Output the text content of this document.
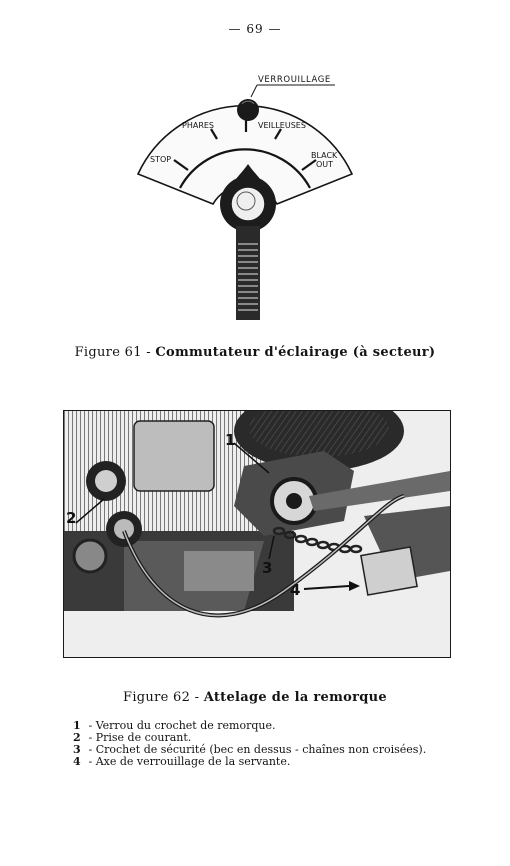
— 69 —
VERROUILLAGE
PHARES	VEILLEUSES
STOP	BLACK
OUT
Figure 61 - Commutateur d'éclairage (à secteur)
1
2
3
4
Figure 62 - Attelage de la remorque
1 - Verrou du crochet de remorque.
2 - Prise de courant.
3 - Crochet de sécurité (bec en dessus - chaînes non croisées).
4 - Axe de verrouillage de la servante.
